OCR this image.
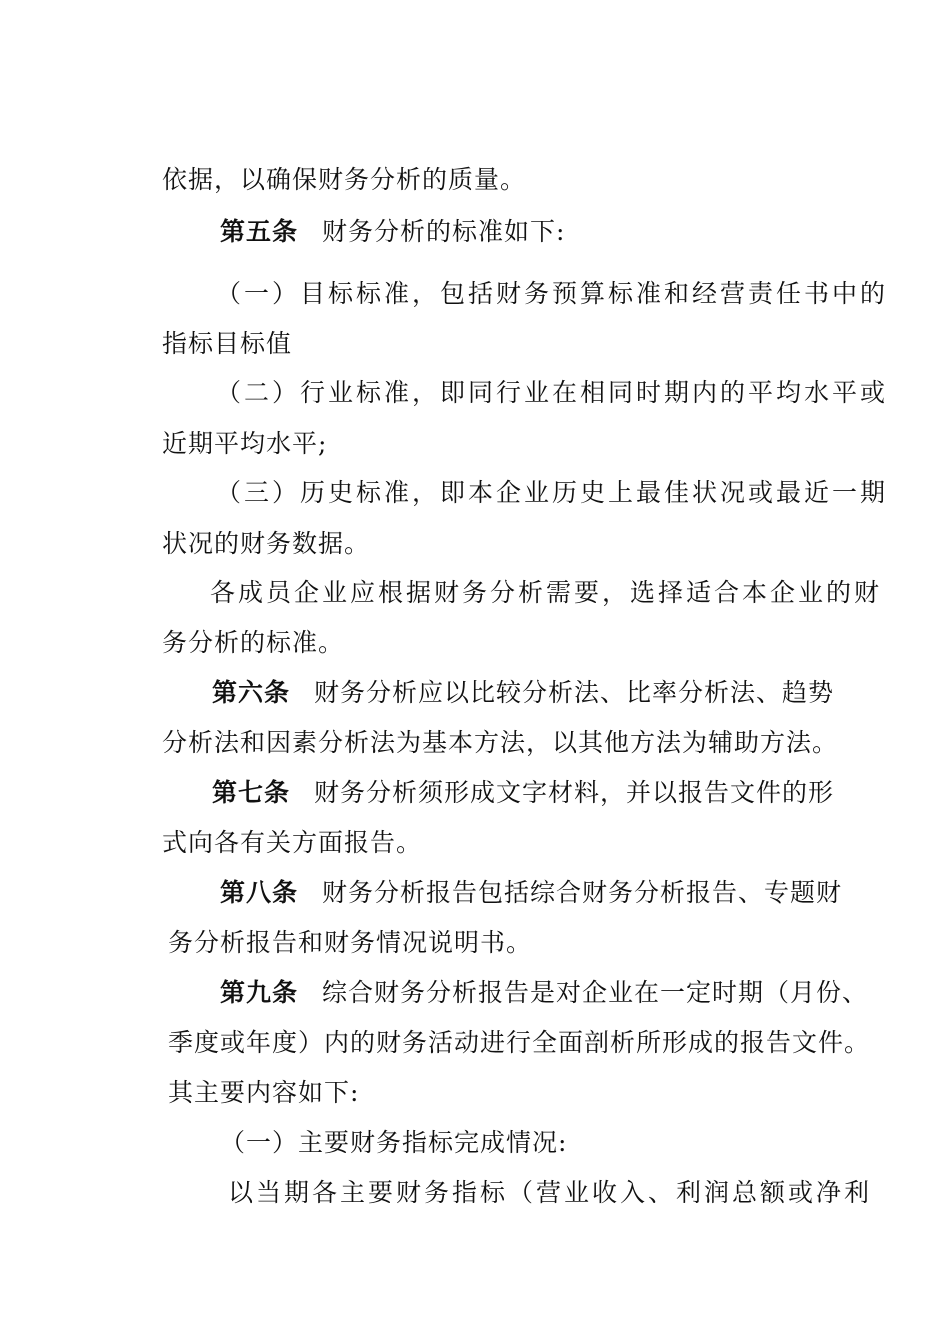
依据，以确保财务分析的质量。
第五条 财务分析的标准如下:
（一）目标标准，包括财务预算标准和经营责任书中的
指标目标值
（二）行业标准，即同行业在相同时期内的平均水平或
近期平均水平;
（三）历史标准，即本企业历史上最佳状况或最近一期
状况的财务数据。
各成员企业应根据财务分析需要，选择适合本企业的财
务分析的标准。
第六条 财务分析应以比较分析法、比率分析法、趋势
分析法和因素分析法为基本方法，以其他方法为辅助方法。
第七条 财务分析须形成文字材料，并以报告文件的形
式向各有关方面报告。
第八条 财务分析报告包括综合财务分析报告、专题财
务分析报告和财务情况说明书。
第九条 综合财务分析报告是对企业在一定时期（月份、
季度或年度）内的财务活动进行全面剖析所形成的报告文件。
其主要内容如下:
（一）主要财务指标完成情况:
以当期各主要财务指标（营业收入、利润总额或净利
